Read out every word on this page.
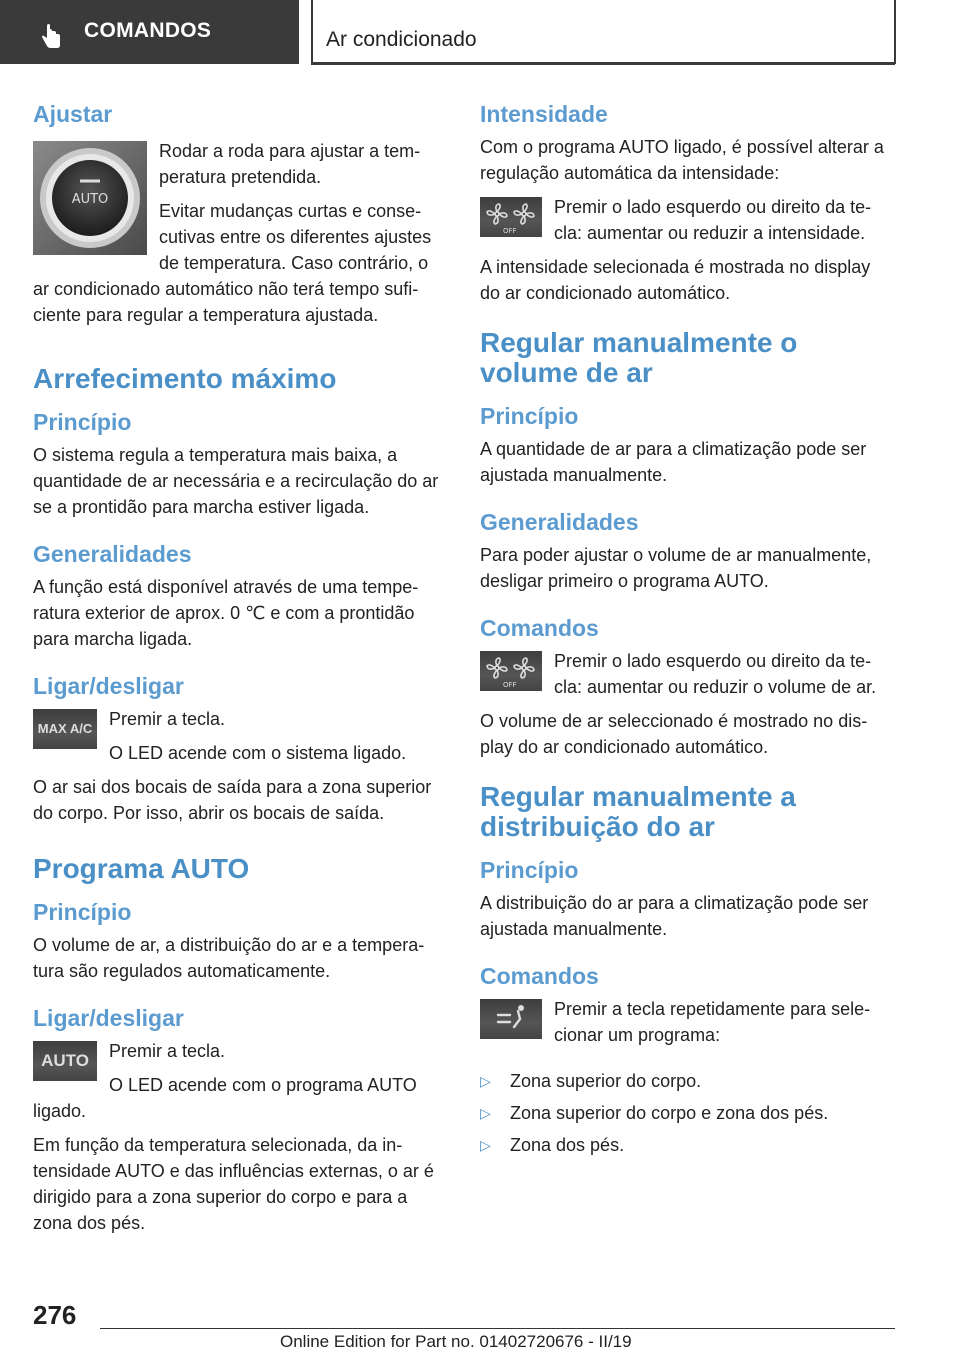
COMANDOS	Ar condicionado
Ajustar
AUTO

Rodar a roda para ajustar a tem-peratura pretendida.

Evitar mudanças curtas e conse-cutivas entre os diferentes ajustes de temperatura. Caso contrário, o ar condicionado automático não terá tempo sufi-ciente para regular a temperatura ajustada.

Arrefecimento máximo
Princípio

O sistema regula a temperatura mais baixa, a quantidade de ar necessária e a recirculação do ar se a prontidão para marcha estiver ligada.

Generalidades

A função está disponível através de uma tempe-ratura exterior de aprox. 0 ℃ e com a prontidão para marcha ligada.

Ligar/desligar
MAX A/C Premir a tecla.

O LED acende com o sistema ligado.

O ar sai dos bocais de saída para a zona superior do corpo. Por isso, abrir os bocais de saída.

Programa AUTO
Princípio

O volume de ar, a distribuição do ar e a tempera-tura são regulados automaticamente.

Ligar/desligar
AUTO	Premir a tecla.

O LED acende com o programa AUTO ligado.

Em função da temperatura selecionada, da in-tensidade AUTO e das influências externas, o ar é dirigido para a zona superior do corpo e para a zona dos pés.

Intensidade

Com o programa AUTO ligado, é possível alterar a regulação automática da intensidade:

OFF

Premir o lado esquerdo ou direito da te-cla: aumentar ou reduzir a intensidade.

A intensidade selecionada é mostrada no display do ar condicionado automático.

Regular manualmente o volume de ar
Princípio

A quantidade de ar para a climatização pode ser ajustada manualmente.

Generalidades

Para poder ajustar o volume de ar manualmente, desligar primeiro o programa AUTO.

Comandos
OFF

Premir o lado esquerdo ou direito da te-cla: aumentar ou reduzir o volume de ar.

O volume de ar seleccionado é mostrado no dis-play do ar condicionado automático.

Regular manualmente a distribuição do ar
Princípio

A distribuição do ar para a climatização pode ser ajustada manualmente.

Comandos

Premir a tecla repetidamente para sele-cionar um programa:

▷ Zona superior do corpo.
▷ Zona superior do corpo e zona dos pés.
▷ Zona dos pés.
276
Online Edition for Part no. 01402720676 - II/19
